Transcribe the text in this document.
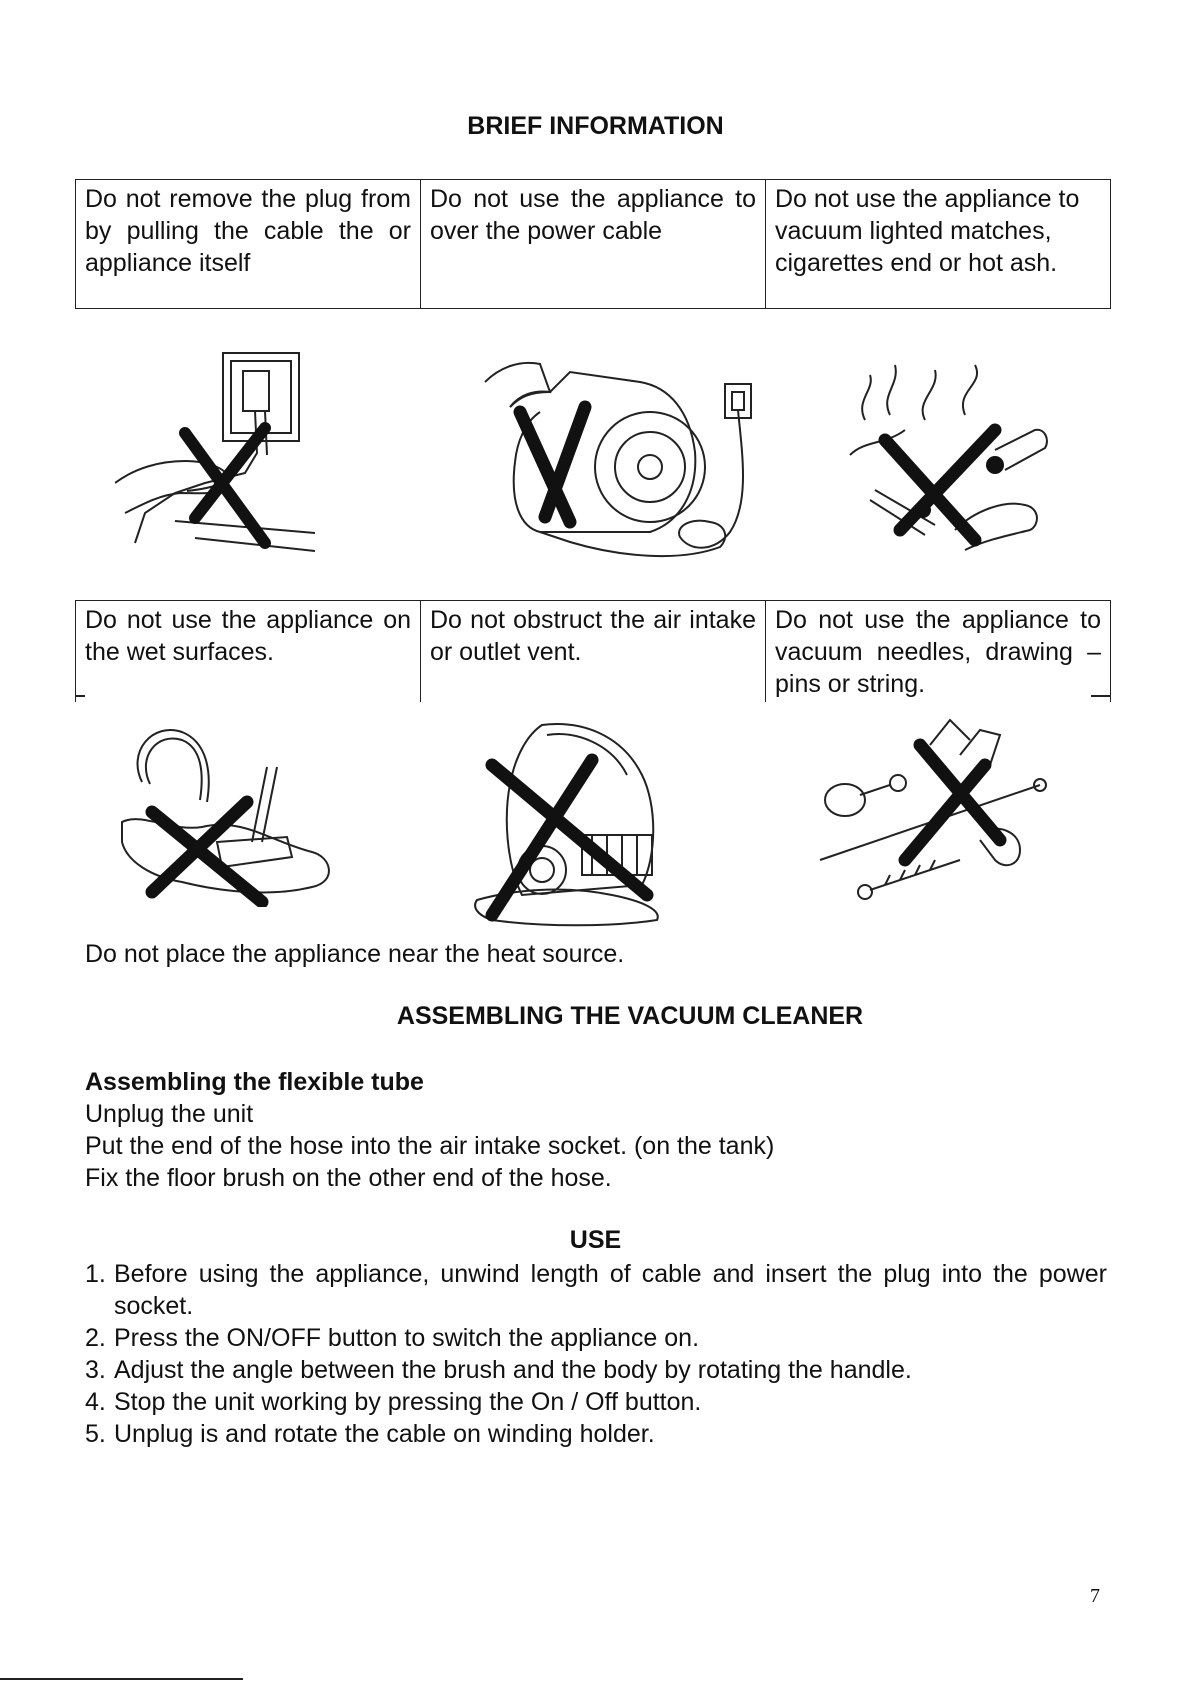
BRIEF INFORMATION
Do not remove the plug from by pulling the cable the or appliance itself	Do not use the appliance to over the power cable	Do not use the appliance to vacuum lighted matches, cigarettes end or hot ash.
Do not use the appliance on the wet surfaces.	Do not obstruct the air intake or outlet vent.	Do not use the appliance to vacuum needles, drawing –pins or string.

Do not place the appliance near the heat source.

ASSEMBLING THE VACUUM CLEANER

Assembling the flexible tube

Unplug the unit

Put the end of the hose into the air intake socket. (on the tank)

Fix the floor brush on the other end of the hose.

USE
1. Before using the appliance, unwind length of cable and insert the plug into the power socket.
2. Press the ON/OFF button to switch the appliance on.
3. Adjust the angle between the brush and the body by rotating the handle.
4. Stop the unit working by pressing the On / Off button.
5. Unplug is and rotate the cable on winding holder.
7
